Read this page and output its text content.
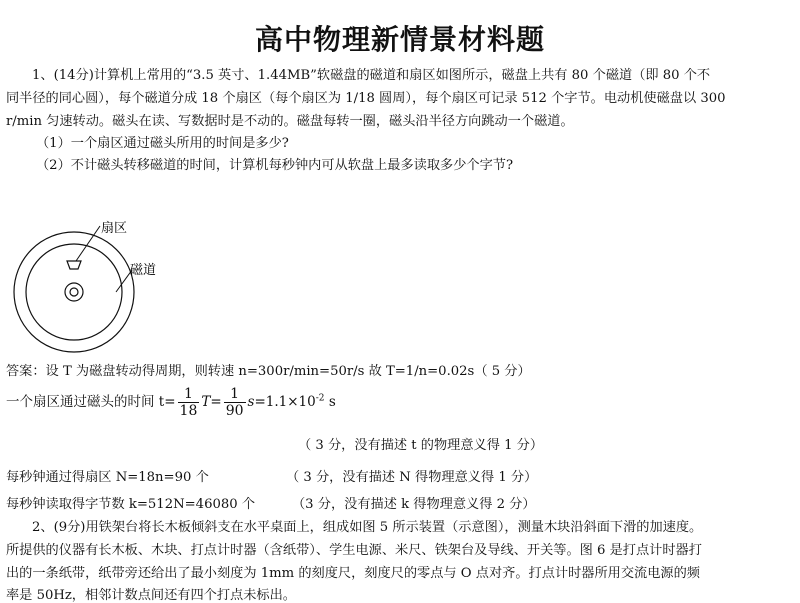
高中物理新情景材料题
1、(14分)计算机上常用的“3.5 英寸、1.44MB”软磁盘的磁道和扇区如图所示，磁盘上共有 80 个磁道（即 80 个不
同半径的同心圆），每个磁道分成 18 个扇区（每个扇区为 1/18 圆周），每个扇区可记录 512 个字节。电动机使磁盘以 300
r/min 匀速转动。磁头在读、写数据时是不动的。磁盘每转一圈，磁头沿半径方向跳动一个磁道。
（1）一个扇区通过磁头所用的时间是多少?
（2）不计磁头转移磁道的时间，计算机每秒钟内可从软盘上最多读取多少个字节?
扇区
磁道
答案：设 T 为磁盘转动得周期，则转速 n=300r/min=50r/s 故 T=1/n=0.02s（ 5 分）
一个扇区通过磁头的时间 $t= \frac{1}{18} T= \frac{1}{90} s=1.1\times 10^{-2}$ s
（ 3 分，没有描述 t 的物理意义得 1 分）
每秒钟通过得扇区 N=18n=90 个	（ 3 分，没有描述 N 得物理意义得 1 分）
每秒钟读取得字节数 k=512N=46080 个	（3 分，没有描述 k 得物理意义得 2 分）
2、(9分)用铁架台将长木板倾斜支在水平桌面上，组成如图 5 所示装置（示意图），测量木块沿斜面下滑的加速度。
所提供的仪器有长木板、木块、打点计时器（含纸带）、学生电源、米尺、铁架台及导线、开关等。图 6 是打点计时器打
出的一条纸带，纸带旁还给出了最小刻度为 1mm 的刻度尺，刻度尺的零点与 O 点对齐。打点计时器所用交流电源的频
率是 50Hz，相邻计数点间还有四个打点未标出。
